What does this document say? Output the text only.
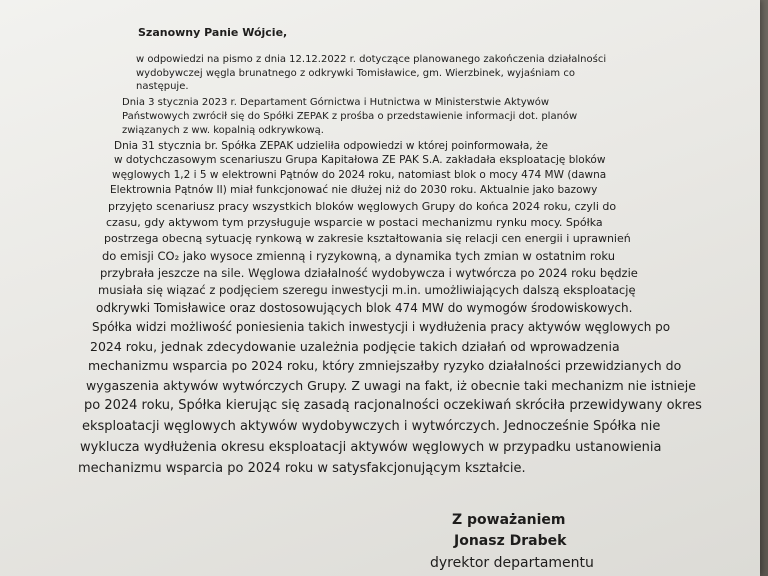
Szanowny Panie Wójcie,
w odpowiedzi na pismo z dnia 12.12.2022 r. dotyczące planowanego zakończenia działalności
wydobywczej węgla brunatnego z odkrywki Tomisławice, gm. Wierzbinek, wyjaśniam co
następuje.
Dnia 3 stycznia 2023 r. Departament Górnictwa i Hutnictwa w Ministerstwie Aktywów
Państwowych zwrócił się do Spółki ZEPAK z prośba o przedstawienie informacji dot. planów
związanych z ww. kopalnią odkrywkową.
Dnia 31 stycznia br. Spółka ZEPAK udzieliła odpowiedzi w której poinformowała, że
w dotychczasowym scenariuszu Grupa Kapitałowa ZE PAK S.A. zakładała eksploatację bloków
węglowych 1,2 i 5 w elektrowni Pątnów do 2024 roku, natomiast blok o mocy 474 MW (dawna
Elektrownia Pątnów II) miał funkcjonować nie dłużej niż do 2030 roku. Aktualnie jako bazowy
przyjęto scenariusz pracy wszystkich bloków węglowych Grupy do końca 2024 roku, czyli do
czasu, gdy aktywom tym przysługuje wsparcie w postaci mechanizmu rynku mocy. Spółka
postrzega obecną sytuację rynkową w zakresie kształtowania się relacji cen energii i uprawnień
do emisji CO₂ jako wysoce zmienną i ryzykowną, a dynamika tych zmian w ostatnim roku
przybrała jeszcze na sile. Węglowa działalność wydobywcza i wytwórcza po 2024 roku będzie
musiała się wiązać z podjęciem szeregu inwestycji m.in. umożliwiających dalszą eksploatację
odkrywki Tomisławice oraz dostosowujących blok 474 MW do wymogów środowiskowych.
Spółka widzi możliwość poniesienia takich inwestycji i wydłużenia pracy aktywów węglowych po
2024 roku, jednak zdecydowanie uzależnia podjęcie takich działań od wprowadzenia
mechanizmu wsparcia po 2024 roku, który zmniejszałby ryzyko działalności przewidzianych do
wygaszenia aktywów wytwórczych Grupy. Z uwagi na fakt, iż obecnie taki mechanizm nie istnieje
po 2024 roku, Spółka kierując się zasadą racjonalności oczekiwań skróciła przewidywany okres
eksploatacji węglowych aktywów wydobywczych i wytwórczych. Jednocześnie Spółka nie
wyklucza wydłużenia okresu eksploatacji aktywów węglowych w przypadku ustanowienia
mechanizmu wsparcia po 2024 roku w satysfakcjonującym kształcie.
Z poważaniem
Jonasz Drabek
dyrektor departamentu
